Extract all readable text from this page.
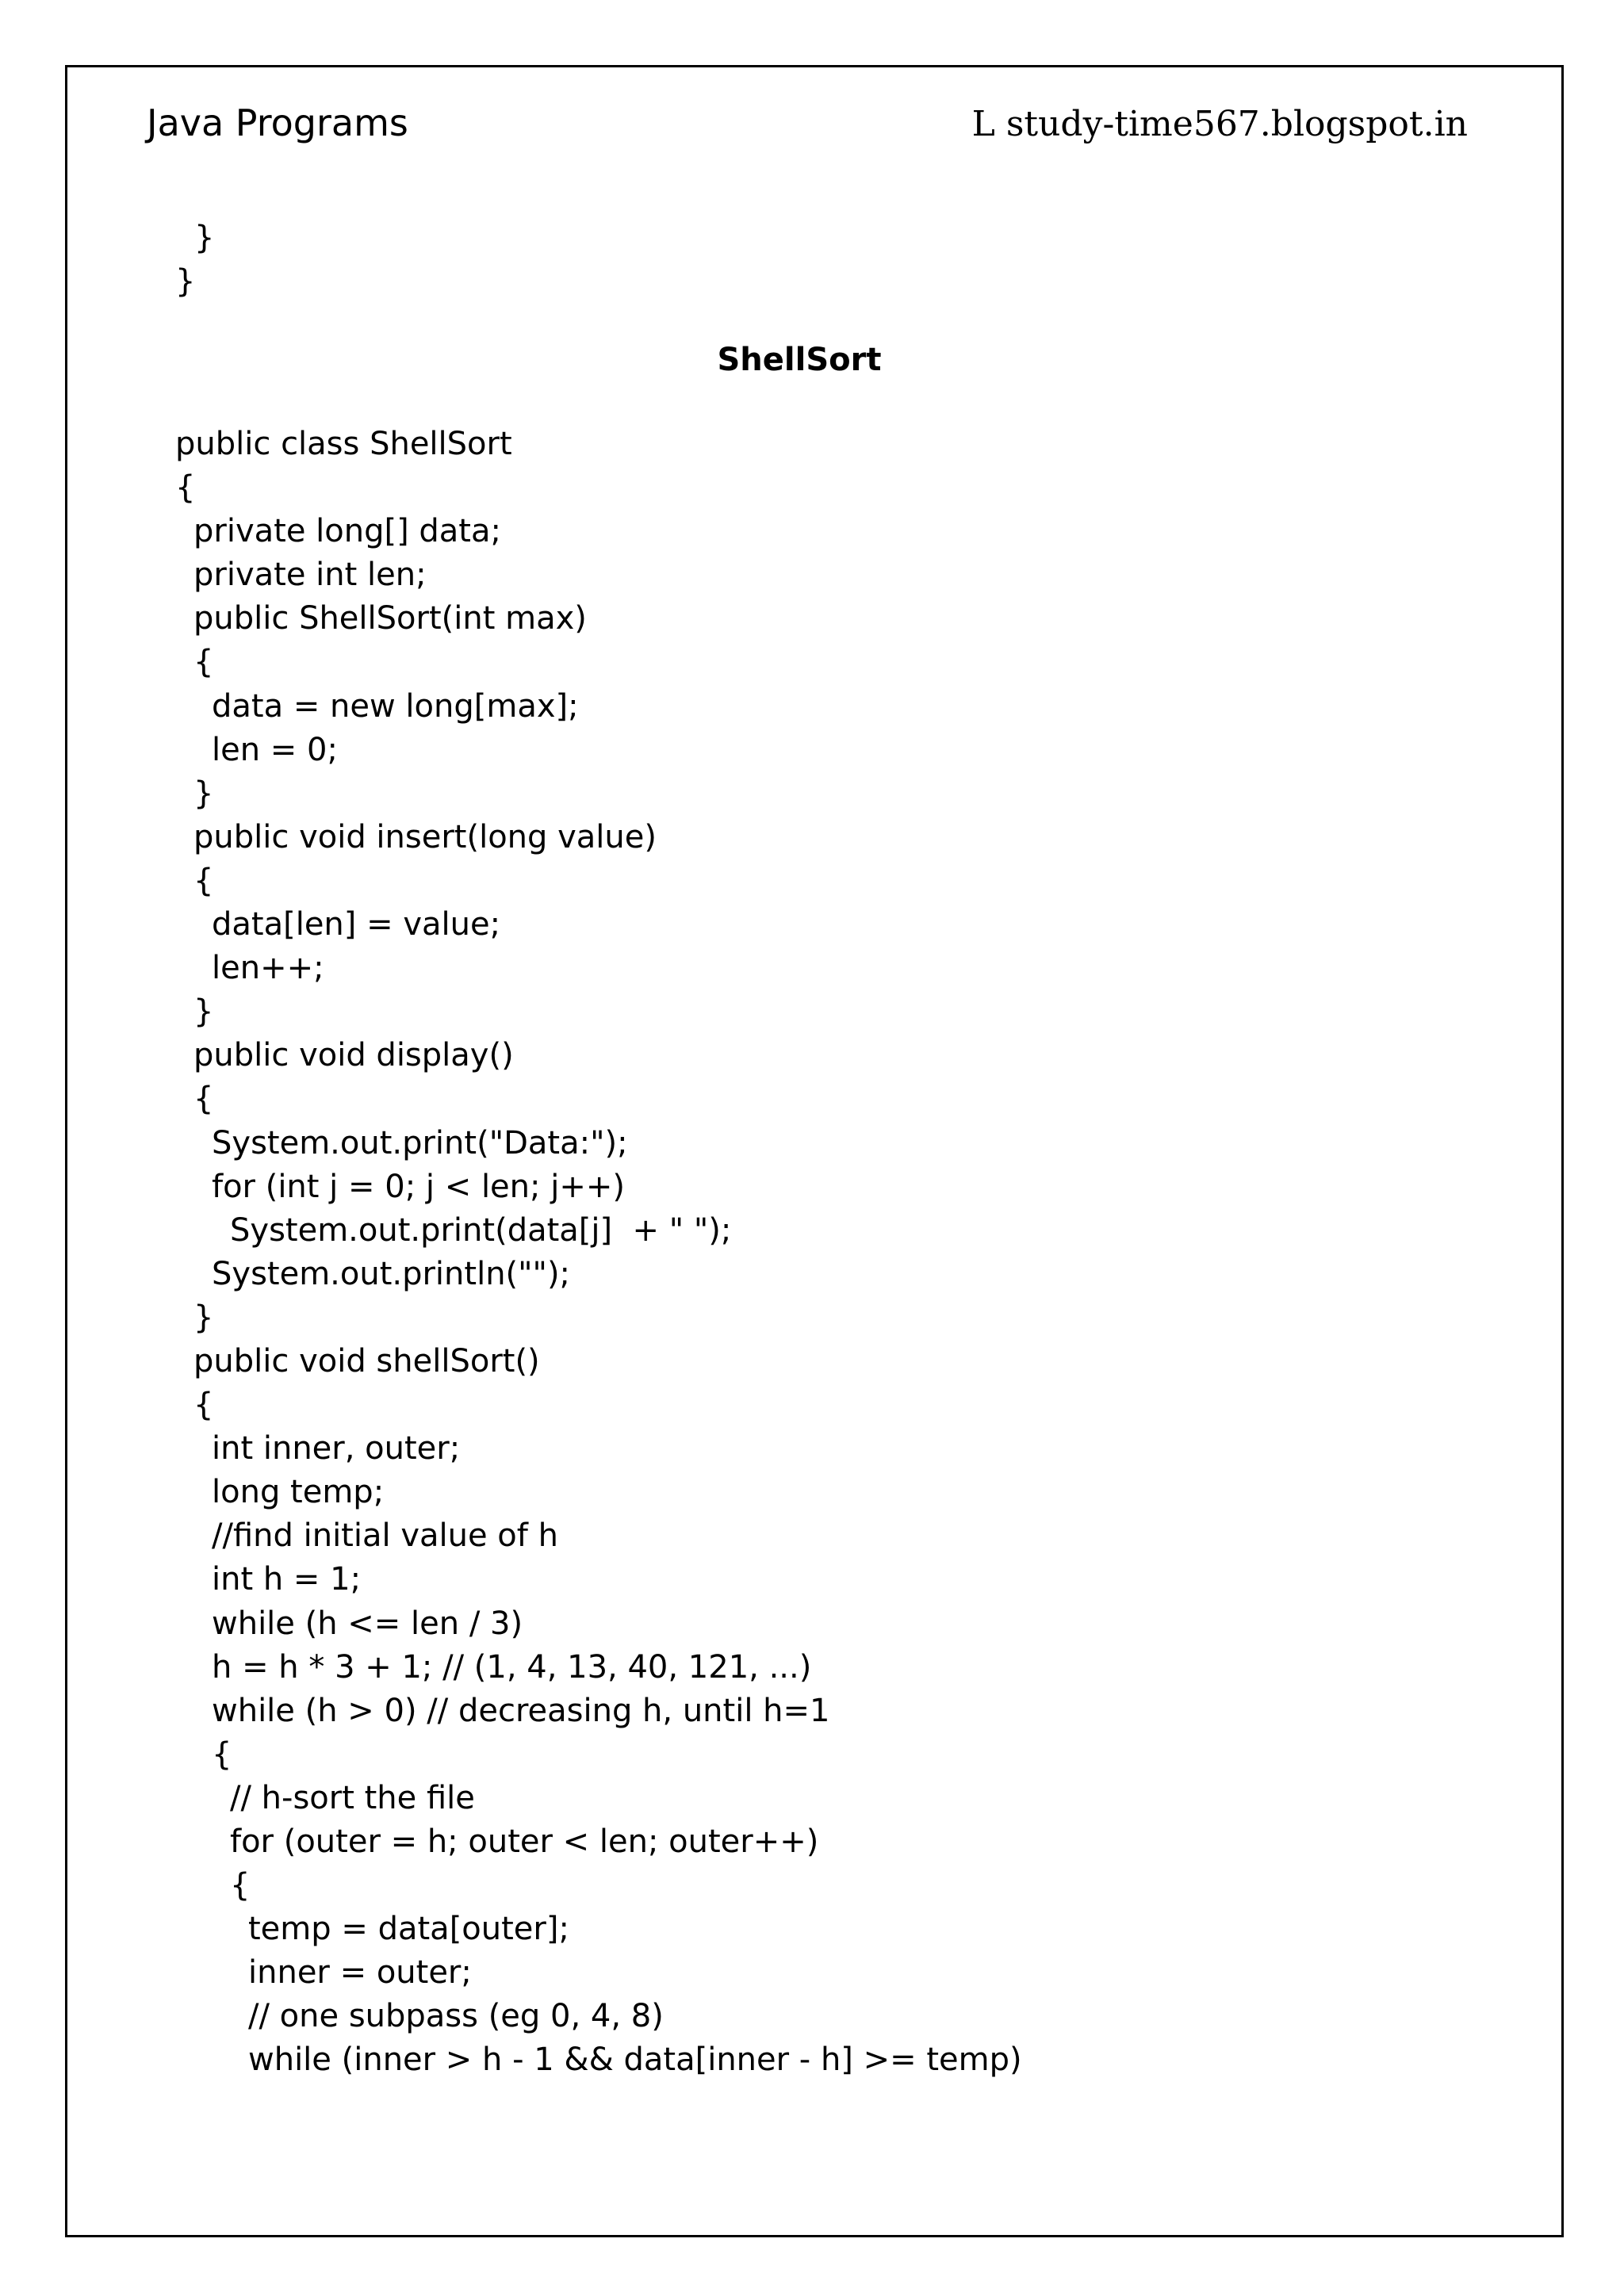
Java Programs	L study-time567.blogspot.in
}
}
ShellSort
public class ShellSort
{
private long[] data;
private int len;
public ShellSort(int max)
{
data = new long[max];
len = 0;
}
public void insert(long value)
{
data[len] = value;
len++;
}
public void display()
{
System.out.print("Data:");
for (int j = 0; j < len; j++)
System.out.print(data[j]  + " ");
System.out.println("");
}
public void shellSort()
{
int inner, outer;
long temp;
//find initial value of h
int h = 1;
while (h <= len / 3)
h = h * 3 + 1; // (1, 4, 13, 40, 121, ...)
while (h > 0) // decreasing h, until h=1
{
// h-sort the file
for (outer = h; outer < len; outer++)
{
temp = data[outer];
inner = outer;
// one subpass (eg 0, 4, 8)
while (inner > h - 1 && data[inner - h] >= temp)
